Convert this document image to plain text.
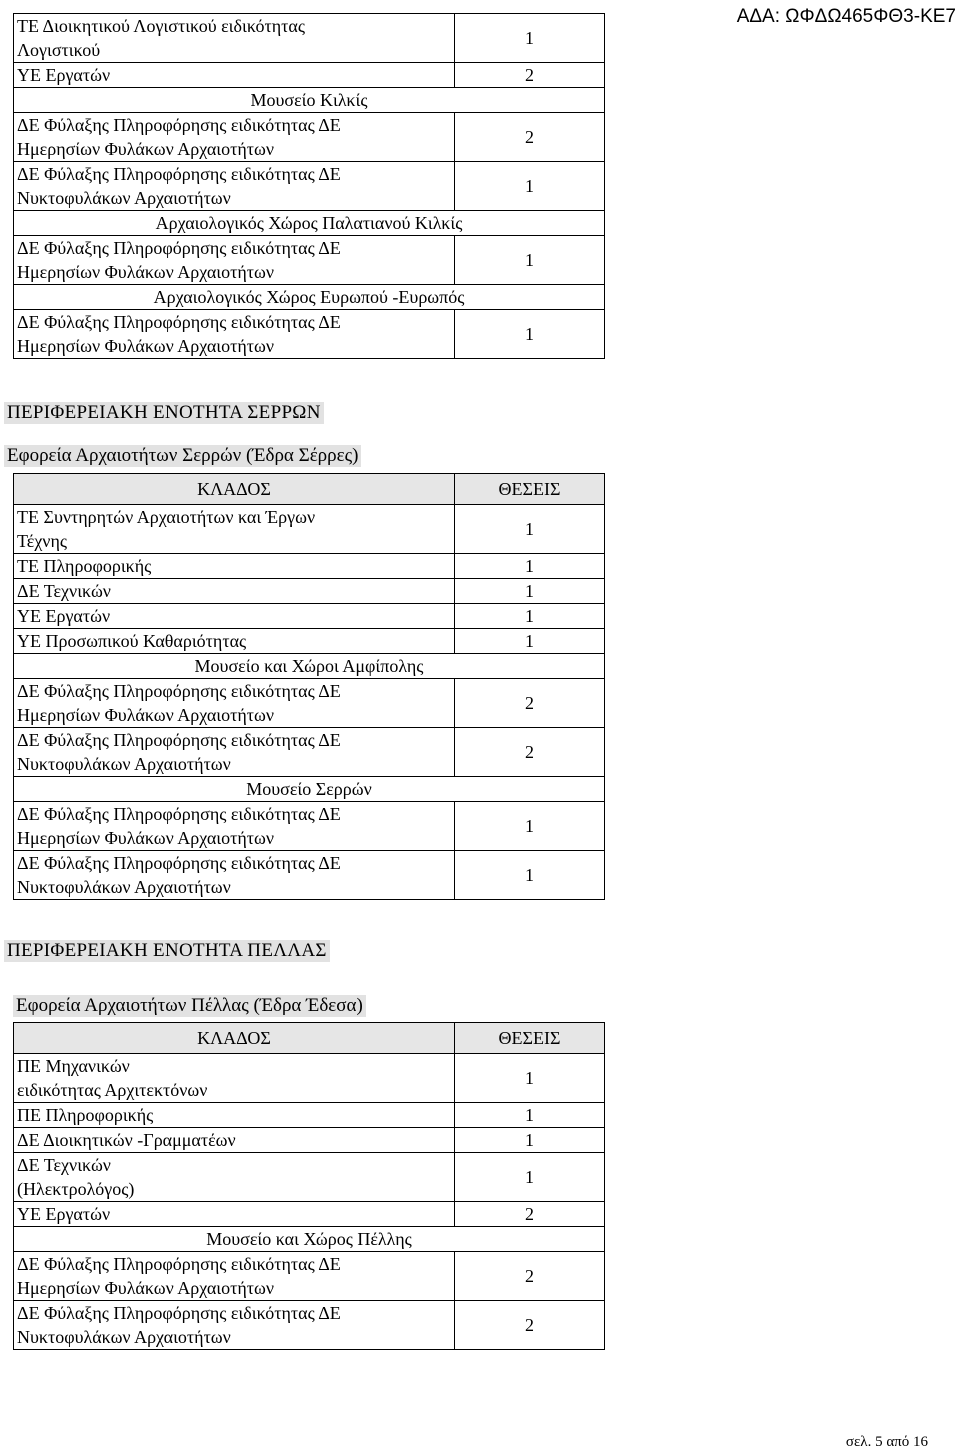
ΑΔΑ: ΩΦΔΩ465ΦΘ3-ΚΕ7
ΤΕ Διοικητικού Λογιστικού ειδικότητας
Λογιστικού	1

ΥΕ Εργατών	2
Μουσείο Κιλκίς	

ΔΕ Φύλαξης Πληροφόρησης ειδικότητας ΔΕ
Ημερησίων Φυλάκων Αρχαιοτήτων	2

ΔΕ Φύλαξης Πληροφόρησης ειδικότητας ΔΕ
Νυκτοφυλάκων Αρχαιοτήτων	1
Αρχαιολογικός Χώρος Παλατιανού Κιλκίς	

ΔΕ Φύλαξης Πληροφόρησης ειδικότητας ΔΕ
Ημερησίων Φυλάκων Αρχαιοτήτων	1
Αρχαιολογικός Χώρος Ευρωπού -Ευρωπός	

ΔΕ Φύλαξης Πληροφόρησης ειδικότητας ΔΕ
Ημερησίων Φυλάκων Αρχαιοτήτων	1
ΠΕΡΙΦΕΡΕΙΑΚΗ ΕΝΟΤΗΤΑ ΣΕΡΡΩΝ
Εφορεία Αρχαιοτήτων Σερρών (Έδρα Σέρρες)
ΚΛΑΔΟΣ	ΘΕΣΕΙΣ

ΤΕ Συντηρητών Αρχαιοτήτων και Έργων
Τέχνης	1

ΤΕ Πληροφορικής	1

ΔΕ Τεχνικών	1

ΥΕ Εργατών	1

ΥΕ Προσωπικού Καθαριότητας	1
Μουσείο και Χώροι Αμφίπολης	

ΔΕ Φύλαξης Πληροφόρησης ειδικότητας ΔΕ
Ημερησίων Φυλάκων Αρχαιοτήτων	2

ΔΕ Φύλαξης Πληροφόρησης ειδικότητας ΔΕ
Νυκτοφυλάκων Αρχαιοτήτων	2
Μουσείο Σερρών	

ΔΕ Φύλαξης Πληροφόρησης ειδικότητας ΔΕ
Ημερησίων Φυλάκων Αρχαιοτήτων	1

ΔΕ Φύλαξης Πληροφόρησης ειδικότητας ΔΕ
Νυκτοφυλάκων Αρχαιοτήτων	1
ΠΕΡΙΦΕΡΕΙΑΚΗ ΕΝΟΤΗΤΑ ΠΕΛΛΑΣ
Εφορεία Αρχαιοτήτων Πέλλας (Έδρα Έδεσα)
ΚΛΑΔΟΣ	ΘΕΣΕΙΣ

ΠΕ Μηχανικών
ειδικότητας Αρχιτεκτόνων	1

ΠΕ Πληροφορικής	1

ΔΕ Διοικητικών -Γραμματέων	1

ΔΕ Τεχνικών
(Ηλεκτρολόγος)	1

ΥΕ Εργατών	2
Μουσείο και Χώρος Πέλλης	

ΔΕ Φύλαξης Πληροφόρησης ειδικότητας ΔΕ
Ημερησίων Φυλάκων Αρχαιοτήτων	2

ΔΕ Φύλαξης Πληροφόρησης ειδικότητας ΔΕ
Νυκτοφυλάκων Αρχαιοτήτων	2
σελ. 5 από 16
